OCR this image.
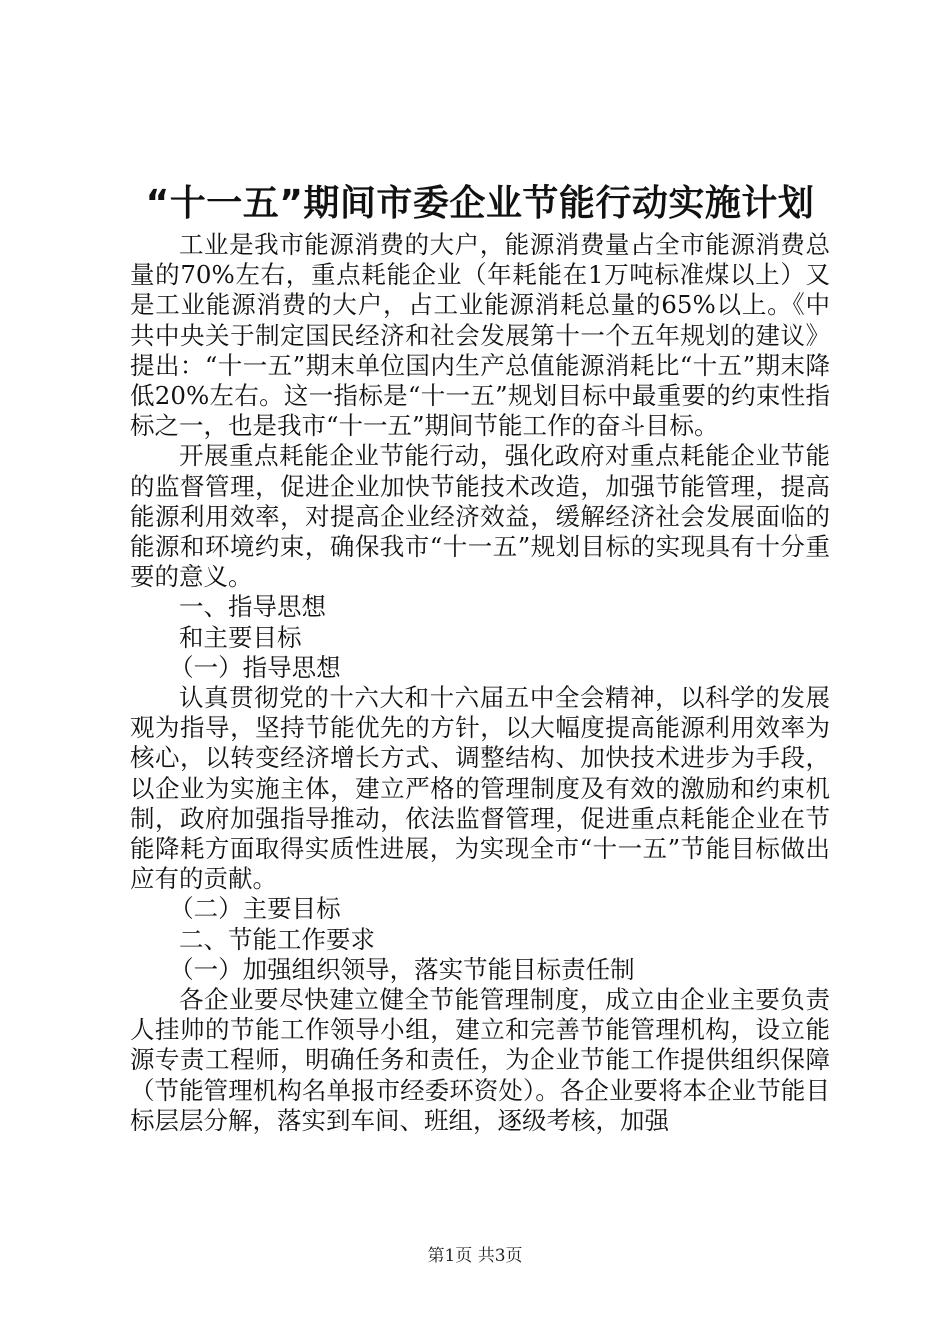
“十一五”期间市委企业节能行动实施计划

工业是我市能源消费的大户，能源消费量占全市能源消费总量的70%左右，重点耗能企业（年耗能在1万吨标准煤以上）又是工业能源消费的大户，占工业能源消耗总量的65%以上。《中共中央关于制定国民经济和社会发展第十一个五年规划的建议》提出：“十一五”期末单位国内生产总值能源消耗比“十五”期末降低20%左右。这一指标是“十一五”规划目标中最重要的约束性指标之一，也是我市“十一五”期间节能工作的奋斗目标。

开展重点耗能企业节能行动，强化政府对重点耗能企业节能的监督管理，促进企业加快节能技术改造，加强节能管理，提高能源利用效率，对提高企业经济效益，缓解经济社会发展面临的能源和环境约束，确保我市“十一五”规划目标的实现具有十分重要的意义。

一、指导思想

和主要目标

（一）指导思想

认真贯彻党的十六大和十六届五中全会精神，以科学的发展观为指导，坚持节能优先的方针，以大幅度提高能源利用效率为核心，以转变经济增长方式、调整结构、加快技术进步为手段，以企业为实施主体，建立严格的管理制度及有效的激励和约束机制，政府加强指导推动，依法监督管理，促进重点耗能企业在节能降耗方面取得实质性进展，为实现全市“十一五”节能目标做出应有的贡献。

（二）主要目标

二、节能工作要求

（一）加强组织领导，落实节能目标责任制

各企业要尽快建立健全节能管理制度，成立由企业主要负责人挂帅的节能工作领导小组，建立和完善节能管理机构，设立能源专责工程师，明确任务和责任，为企业节能工作提供组织保障（节能管理机构名单报市经委环资处）。各企业要将本企业节能目标层层分解，落实到车间、班组，逐级考核，加强

第1页 共3页
